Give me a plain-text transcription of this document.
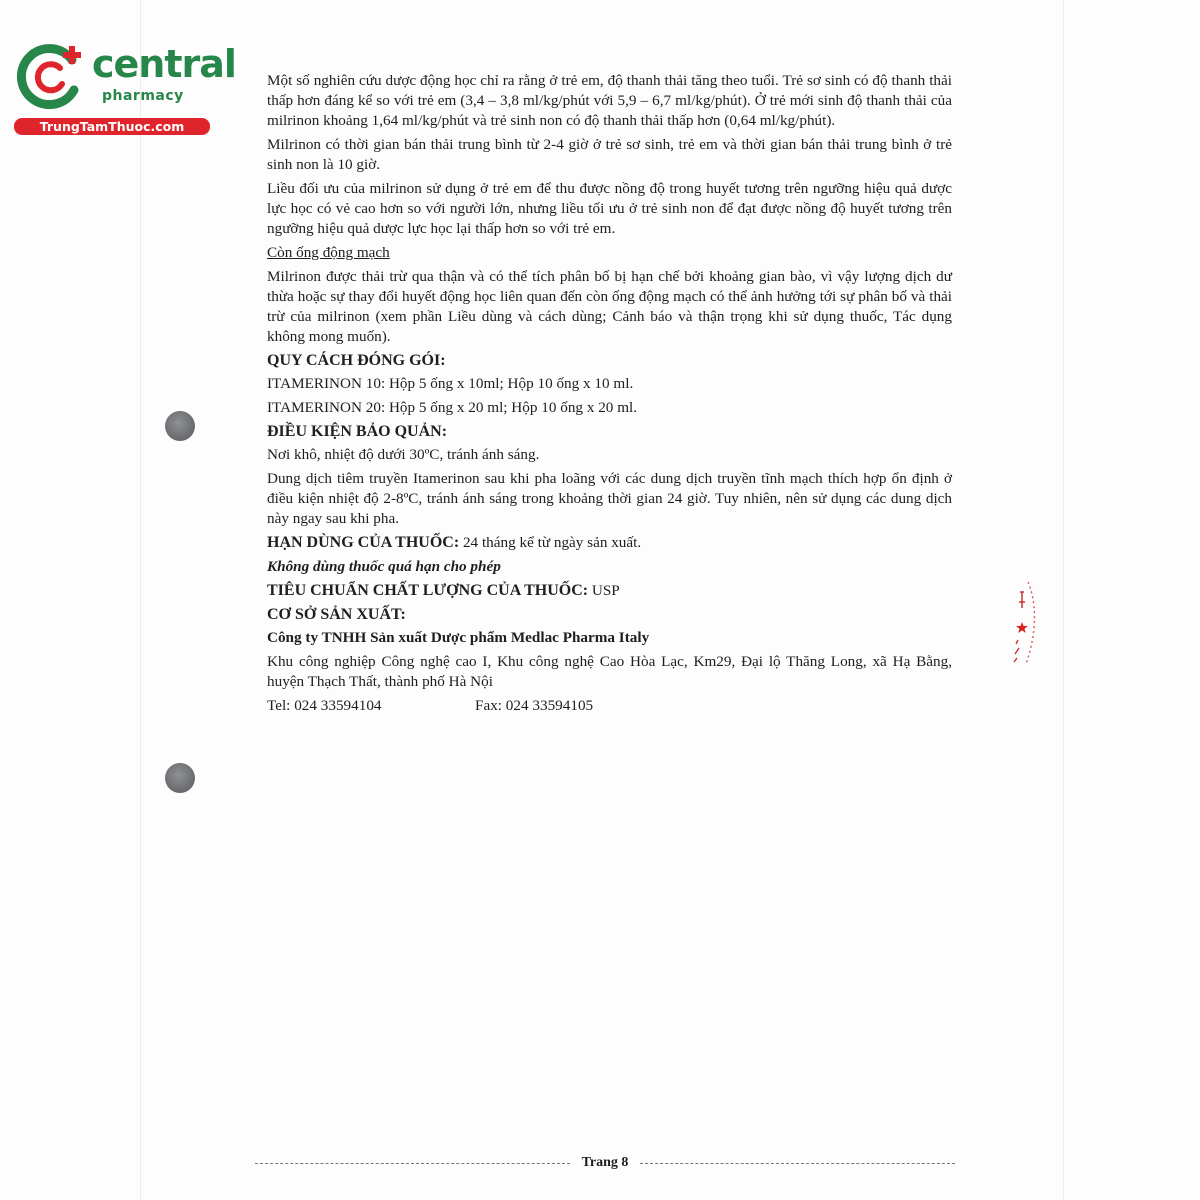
central
pharmacy
TrungTamThuoc.com

Một số nghiên cứu dược động học chỉ ra rằng ở trẻ em, độ thanh thải tăng theo tuổi. Trẻ sơ sinh có độ thanh thải thấp hơn đáng kể so với trẻ em (3,4 – 3,8 ml/kg/phút với 5,9 – 6,7 ml/kg/phút). Ở trẻ mới sinh độ thanh thải của milrinon khoảng 1,64 ml/kg/phút và trẻ sinh non có độ thanh thải thấp hơn (0,64 ml/kg/phút).

Milrinon có thời gian bán thải trung bình từ 2-4 giờ ở trẻ sơ sinh, trẻ em và thời gian bán thải trung bình ở trẻ sinh non là 10 giờ.

Liều đối ưu của milrinon sử dụng ở trẻ em để thu được nồng độ trong huyết tương trên ngưỡng hiệu quả dược lực học có vẻ cao hơn so với người lớn, nhưng liều tối ưu ở trẻ sinh non để đạt được nồng độ huyết tương trên ngưỡng hiệu quả dược lực học lại thấp hơn so với trẻ em.

Còn ống động mạch

Milrinon được thải trừ qua thận và có thể tích phân bố bị hạn chế bởi khoảng gian bào, vì vậy lượng dịch dư thừa hoặc sự thay đổi huyết động học liên quan đến còn ống động mạch có thể ảnh hưởng tới sự phân bố và thải trừ của milrinon (xem phần Liều dùng và cách dùng; Cảnh báo và thận trọng khi sử dụng thuốc, Tác dụng không mong muốn).

QUY CÁCH ĐÓNG GÓI:

ITAMERINON 10: Hộp 5 ống x 10ml; Hộp 10 ống x 10 ml.

ITAMERINON 20: Hộp 5 ống x 20 ml; Hộp 10 ống x 20 ml.

ĐIỀU KIỆN BẢO QUẢN:

Nơi khô, nhiệt độ dưới 30ºC, tránh ánh sáng.

Dung dịch tiêm truyền Itamerinon sau khi pha loãng với các dung dịch truyền tĩnh mạch thích hợp ổn định ở điều kiện nhiệt độ 2-8ºC, tránh ánh sáng trong khoảng thời gian 24 giờ. Tuy nhiên, nên sử dụng các dung dịch này ngay sau khi pha.

HẠN DÙNG CỦA THUỐC: 24 tháng kể từ ngày sản xuất.

Không dùng thuốc quá hạn cho phép

TIÊU CHUẨN CHẤT LƯỢNG CỦA THUỐC: USP

CƠ SỞ SẢN XUẤT:

Công ty TNHH Sản xuất Dược phẩm Medlac Pharma Italy

Khu công nghiệp Công nghệ cao I, Khu công nghệ Cao Hòa Lạc, Km29, Đại lộ Thăng Long, xã Hạ Bằng, huyện Thạch Thất, thành phố Hà Nội

Tel: 024 33594104	Fax: 024 33594105

Trang 8
